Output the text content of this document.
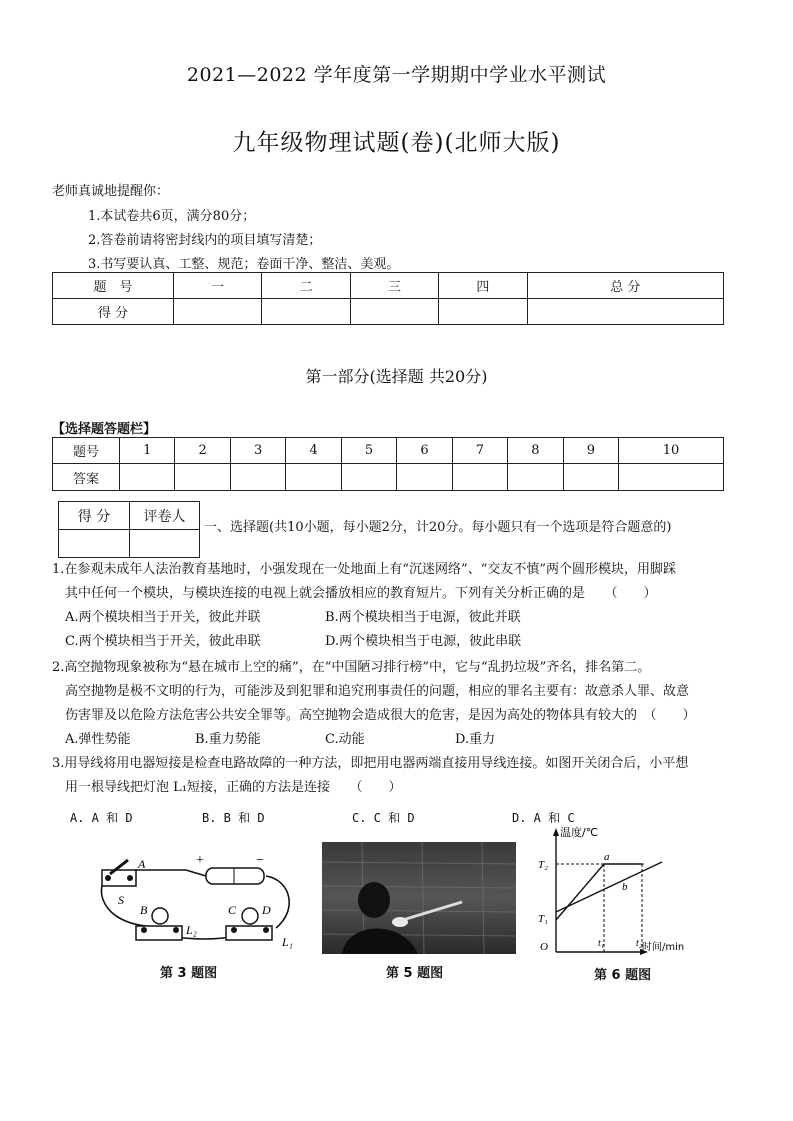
2021—2022 学年度第一学期期中学业水平测试
九年级物理试题(卷)(北师大版)
老师真诚地提醒你：
1.本试卷共6页，满分80分；
2.答卷前请将密封线内的项目填写清楚；
3.书写要认真、工整、规范；卷面干净、整洁、美观。
题　号	一	二	三	四	总 分
得 分					
第一部分(选择题 共20分)
【选择题答题栏】
题号	1	2	3	4	5	6	7	8	9	10
答案										
得 分	评卷人

一、选择题(共10小题，每小题2分，计20分。每小题只有一个选项是符合题意的)
1.在参观未成年人法治教育基地时，小强发现在一处地面上有“沉迷网络”、“交友不慎”两个圆形模块，用脚踩
其中任何一个模块，与模块连接的电视上就会播放相应的教育短片。下列有关分析正确的是　　（　　）
A.两个模块相当于开关，彼此并联	B.两个模块相当于电源，彼此并联
C.两个模块相当于开关，彼此串联	D.两个模块相当于电源，彼此串联
2.高空抛物现象被称为“悬在城市上空的痛”，在“中国陋习排行榜”中，它与“乱扔垃圾”齐名，排名第二。
高空抛物是极不文明的行为，可能涉及到犯罪和追究刑事责任的问题，相应的罪名主要有：故意杀人罪、故意
伤害罪及以危险方法危害公共安全罪等。高空抛物会造成很大的危害，是因为高处的物体具有较大的　（　　）
A.弹性势能	B.重力势能	C.动能	D.重力
3.用导线将用电器短接是检查电路故障的一种方法，即把用电器两端直接用导线连接。如图开关闭合后，小平想
用一根导线把灯泡 L₁短接，正确的方法是连接　　（　　）
A. A 和 D	B. B 和 D	C. C 和 D	D. A 和 C
A
S
+	−
B
L₂
C D
L₁
第 3 题图	第 5 题图
温度/℃
T₂
T₁
O
a
b
t₁	t₂ 时间/min
第 6 题图
